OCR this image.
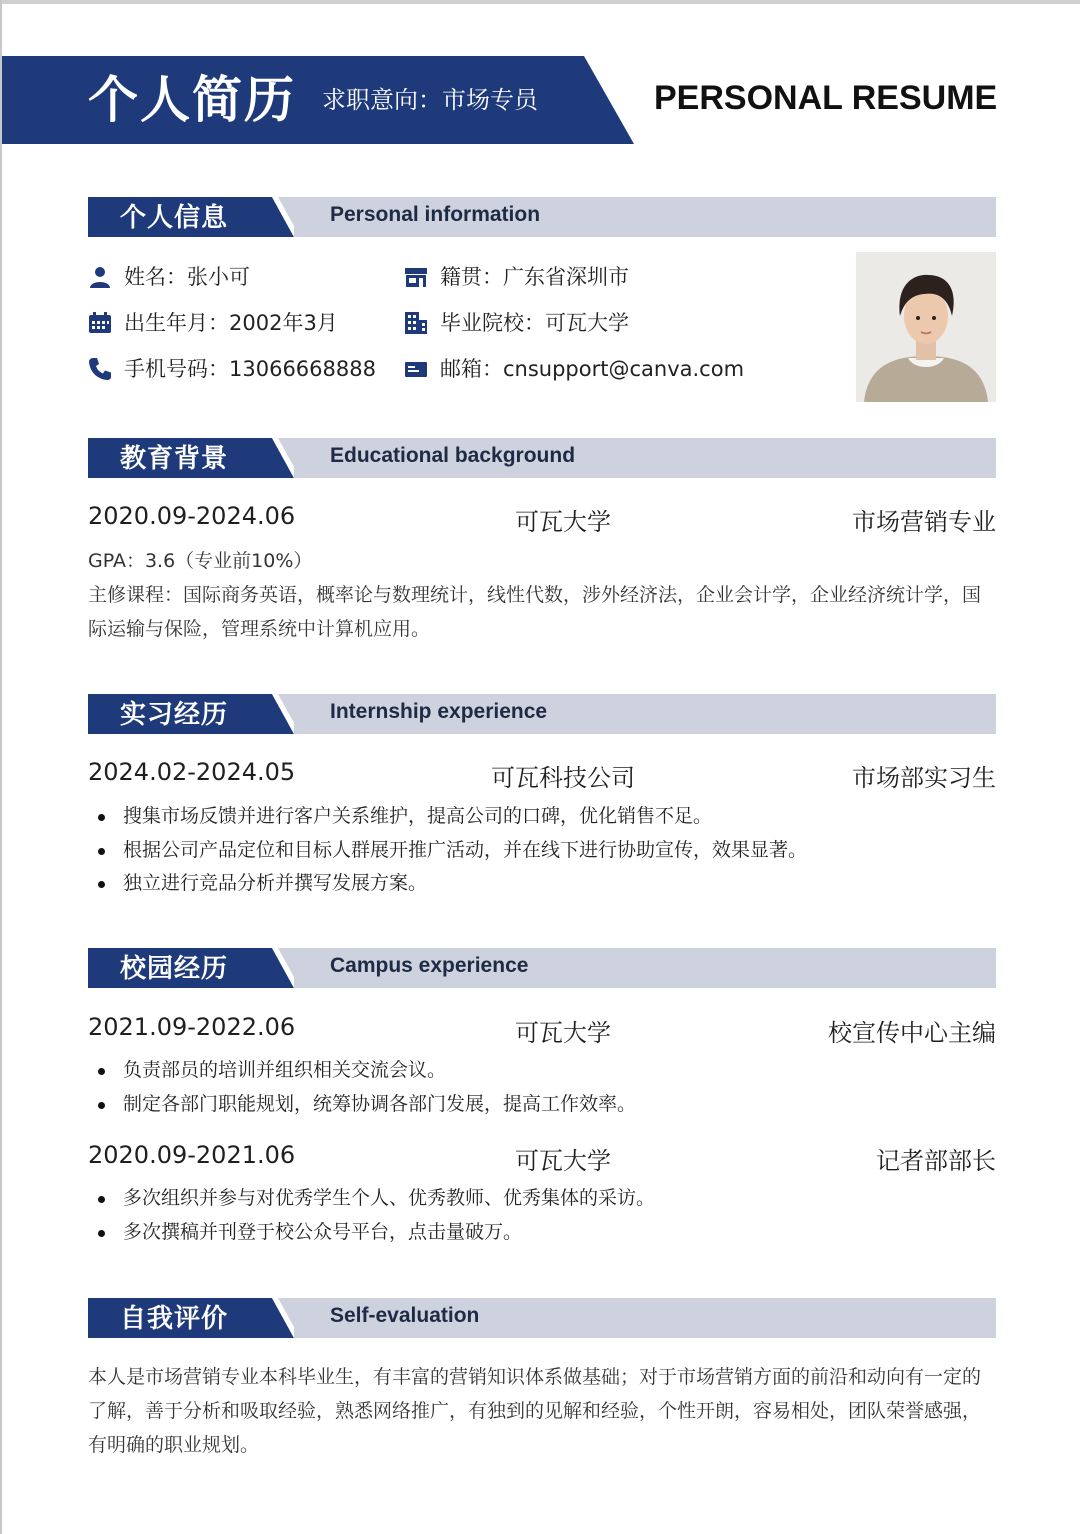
个人简历 求职意向：市场专员	PERSONAL RESUME
个人信息	Personal information
姓名： 张小可
出生年月： 2002年3月
手机号码： 13066668888
籍贯： 广东省深圳市
毕业院校： 可瓦大学
邮箱： cnsupport@canva.com
教育背景	Educational background
2020.09-2024.06	可瓦大学	市场营销专业
GPA：3.6（专业前10%）
主修课程：国际商务英语，概率论与数理统计，线性代数，涉外经济法，企业会计学，企业经济统计学，国际运输与保险，管理系统中计算机应用。
实习经历	Internship experience
2024.02-2024.05	可瓦科技公司	市场部实习生
搜集市场反馈并进行客户关系维护，提高公司的口碑，优化销售不足。
根据公司产品定位和目标人群展开推广活动，并在线下进行协助宣传，效果显著。
独立进行竞品分析并撰写发展方案。
校园经历	Campus experience
2021.09-2022.06	可瓦大学	校宣传中心主编
负责部员的培训并组织相关交流会议。
制定各部门职能规划，统筹协调各部门发展，提高工作效率。
2020.09-2021.06	可瓦大学	记者部部长
多次组织并参与对优秀学生个人、优秀教师、优秀集体的采访。
多次撰稿并刊登于校公众号平台，点击量破万。
自我评价	Self-evaluation
本人是市场营销专业本科毕业生，有丰富的营销知识体系做基础；对于市场营销方面的前沿和动向有一定的了解，善于分析和吸取经验，熟悉网络推广，有独到的见解和经验，个性开朗，容易相处，团队荣誉感强，有明确的职业规划。
